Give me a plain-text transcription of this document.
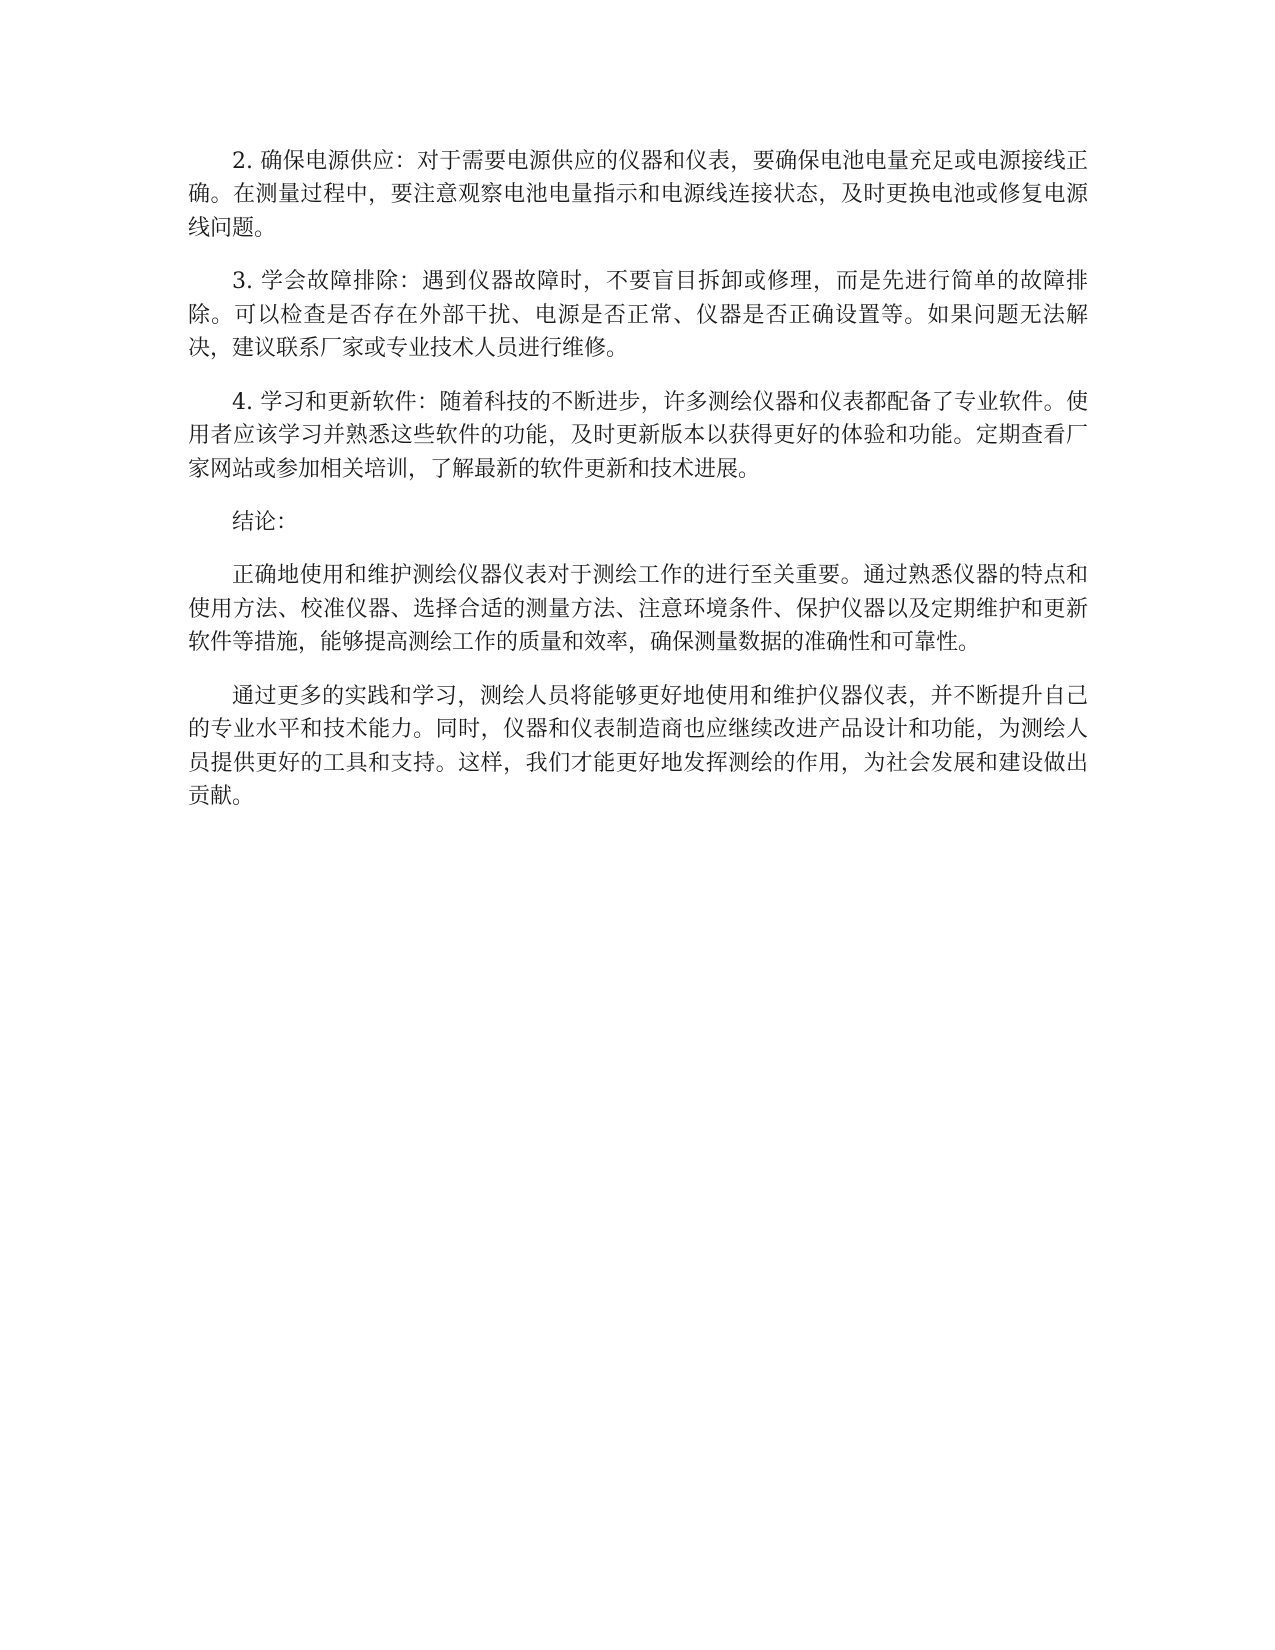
2. 确保电源供应：对于需要电源供应的仪器和仪表，要确保电池电量充足或电源接线正确。在测量过程中，要注意观察电池电量指示和电源线连接状态，及时更换电池或修复电源线问题。

3. 学会故障排除：遇到仪器故障时，不要盲目拆卸或修理，而是先进行简单的故障排除。可以检查是否存在外部干扰、电源是否正常、仪器是否正确设置等。如果问题无法解决，建议联系厂家或专业技术人员进行维修。

4. 学习和更新软件：随着科技的不断进步，许多测绘仪器和仪表都配备了专业软件。使用者应该学习并熟悉这些软件的功能，及时更新版本以获得更好的体验和功能。定期查看厂家网站或参加相关培训，了解最新的软件更新和技术进展。

结论：

正确地使用和维护测绘仪器仪表对于测绘工作的进行至关重要。通过熟悉仪器的特点和使用方法、校准仪器、选择合适的测量方法、注意环境条件、保护仪器以及定期维护和更新软件等措施，能够提高测绘工作的质量和效率，确保测量数据的准确性和可靠性。

通过更多的实践和学习，测绘人员将能够更好地使用和维护仪器仪表，并不断提升自己的专业水平和技术能力。同时，仪器和仪表制造商也应继续改进产品设计和功能，为测绘人员提供更好的工具和支持。这样，我们才能更好地发挥测绘的作用，为社会发展和建设做出贡献。
